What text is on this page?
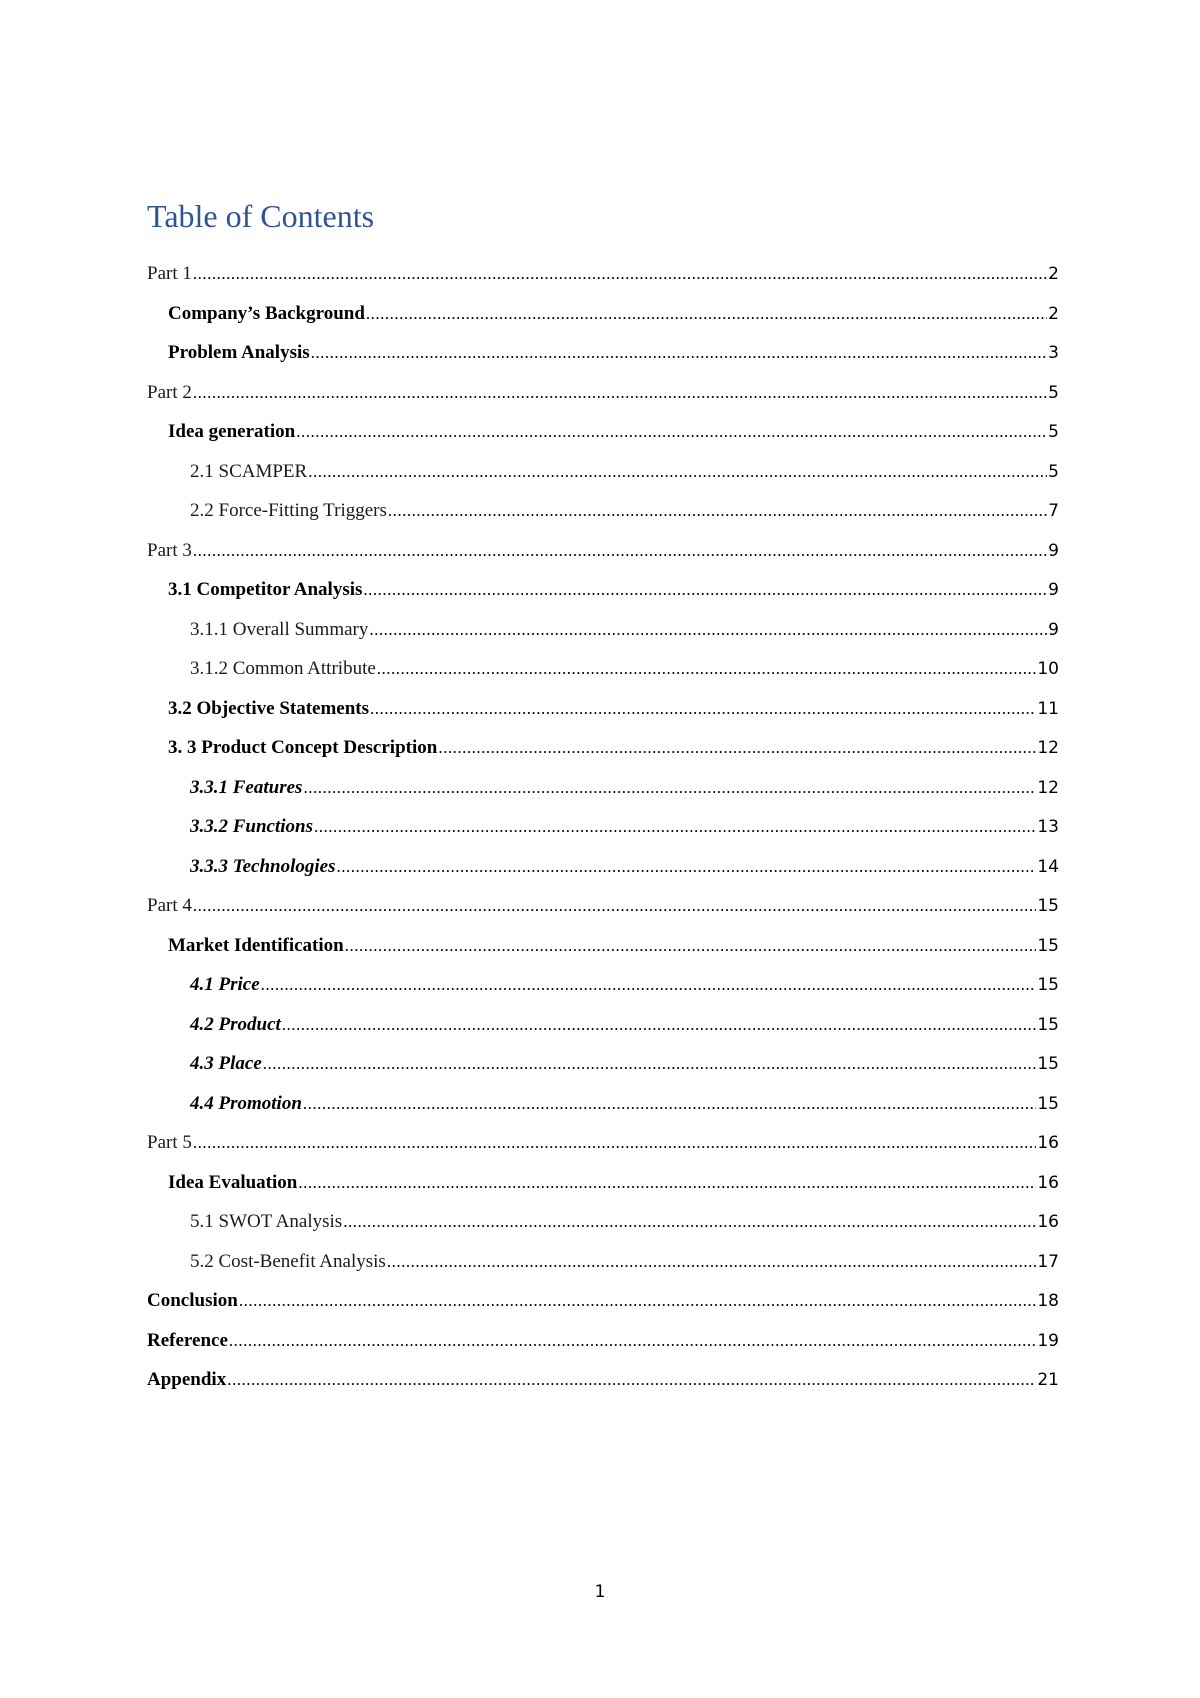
Table of Contents
Part 1 .....	2
Company’s Background .....	2
Problem Analysis .....	3
Part 2 .....	5
Idea generation .....	5
2.1 SCAMPER .....	5
2.2 Force-Fitting Triggers .....	7
Part 3 .....	9
3.1 Competitor Analysis .....	9
3.1.1 Overall Summary .....	9
3.1.2 Common Attribute .....	10
3.2 Objective Statements .....	11
3. 3 Product Concept Description .....	12
3.3.1 Features .....	12
3.3.2 Functions .....	13
3.3.3 Technologies .....	14
Part 4 .....	15
Market Identification .....	15
4.1 Price .....	15
4.2 Product .....	15
4.3 Place .....	15
4.4 Promotion .....	15
Part 5 .....	16
Idea Evaluation .....	16
5.1 SWOT Analysis .....	16
5.2 Cost-Benefit Analysis .....	17
Conclusion .....	18
Reference .....	19
Appendix .....	21
1
